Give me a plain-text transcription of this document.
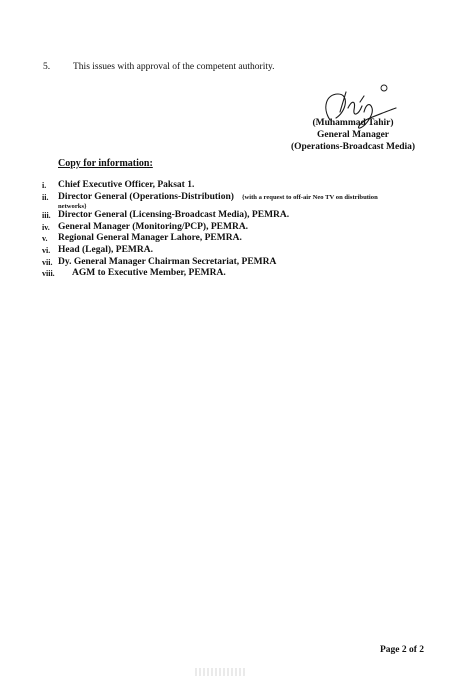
5. This issues with approval of the competent authority.
(Muhammad Tahir)
General Manager
(Operations-Broadcast Media)
Copy for information:
i.	Chief Executive Officer, Paksat 1.
ii.	Director General (Operations-Distribution) {with a request to off-air Neo TV on distribution
networks}
iii. Director General (Licensing-Broadcast Media), PEMRA.
iv. General Manager (Monitoring/PCP), PEMRA.
v.	Regional General Manager Lahore, PEMRA.
vi. Head (Legal), PEMRA.
vii. Dy. General Manager Chairman Secretariat, PEMRA
viii.	AGM to Executive Member, PEMRA.
Page 2 of 2
